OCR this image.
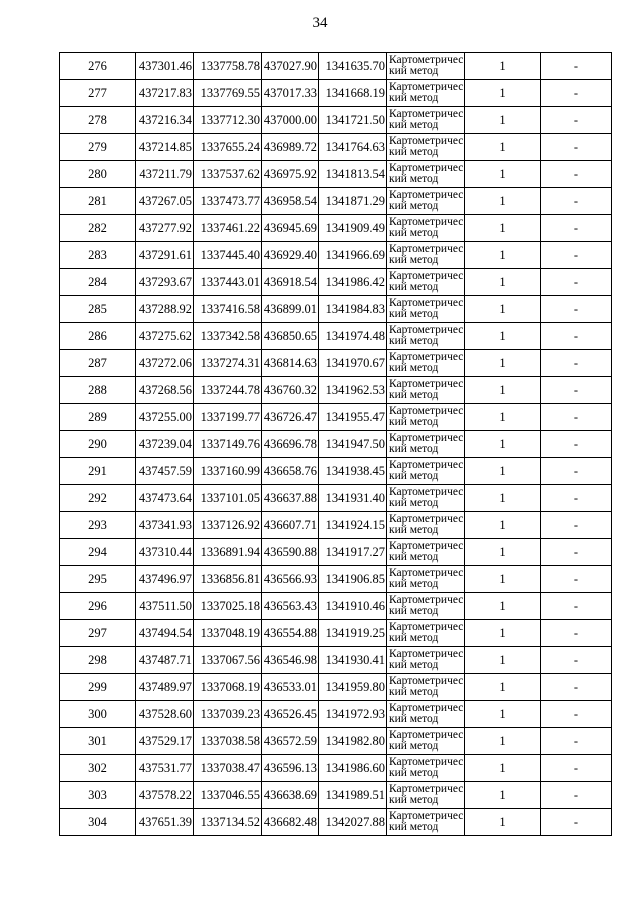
34
276	437301.46	1337758.78	437027.90	1341635.70	Картометрический метод	1	-
277	437217.83	1337769.55	437017.33	1341668.19	Картометрический метод	1	-
278	437216.34	1337712.30	437000.00	1341721.50	Картометрический метод	1	-
279	437214.85	1337655.24	436989.72	1341764.63	Картометрический метод	1	-
280	437211.79	1337537.62	436975.92	1341813.54	Картометрический метод	1	-
281	437267.05	1337473.77	436958.54	1341871.29	Картометрический метод	1	-
282	437277.92	1337461.22	436945.69	1341909.49	Картометрический метод	1	-
283	437291.61	1337445.40	436929.40	1341966.69	Картометрический метод	1	-
284	437293.67	1337443.01	436918.54	1341986.42	Картометрический метод	1	-
285	437288.92	1337416.58	436899.01	1341984.83	Картометрический метод	1	-
286	437275.62	1337342.58	436850.65	1341974.48	Картометрический метод	1	-
287	437272.06	1337274.31	436814.63	1341970.67	Картометрический метод	1	-
288	437268.56	1337244.78	436760.32	1341962.53	Картометрический метод	1	-
289	437255.00	1337199.77	436726.47	1341955.47	Картометрический метод	1	-
290	437239.04	1337149.76	436696.78	1341947.50	Картометрический метод	1	-
291	437457.59	1337160.99	436658.76	1341938.45	Картометрический метод	1	-
292	437473.64	1337101.05	436637.88	1341931.40	Картометрический метод	1	-
293	437341.93	1337126.92	436607.71	1341924.15	Картометрический метод	1	-
294	437310.44	1336891.94	436590.88	1341917.27	Картометрический метод	1	-
295	437496.97	1336856.81	436566.93	1341906.85	Картометрический метод	1	-
296	437511.50	1337025.18	436563.43	1341910.46	Картометрический метод	1	-
297	437494.54	1337048.19	436554.88	1341919.25	Картометрический метод	1	-
298	437487.71	1337067.56	436546.98	1341930.41	Картометрический метод	1	-
299	437489.97	1337068.19	436533.01	1341959.80	Картометрический метод	1	-
300	437528.60	1337039.23	436526.45	1341972.93	Картометрический метод	1	-
301	437529.17	1337038.58	436572.59	1341982.80	Картометрический метод	1	-
302	437531.77	1337038.47	436596.13	1341986.60	Картометрический метод	1	-
303	437578.22	1337046.55	436638.69	1341989.51	Картометрический метод	1	-
304	437651.39	1337134.52	436682.48	1342027.88	Картометрический метод	1	-
